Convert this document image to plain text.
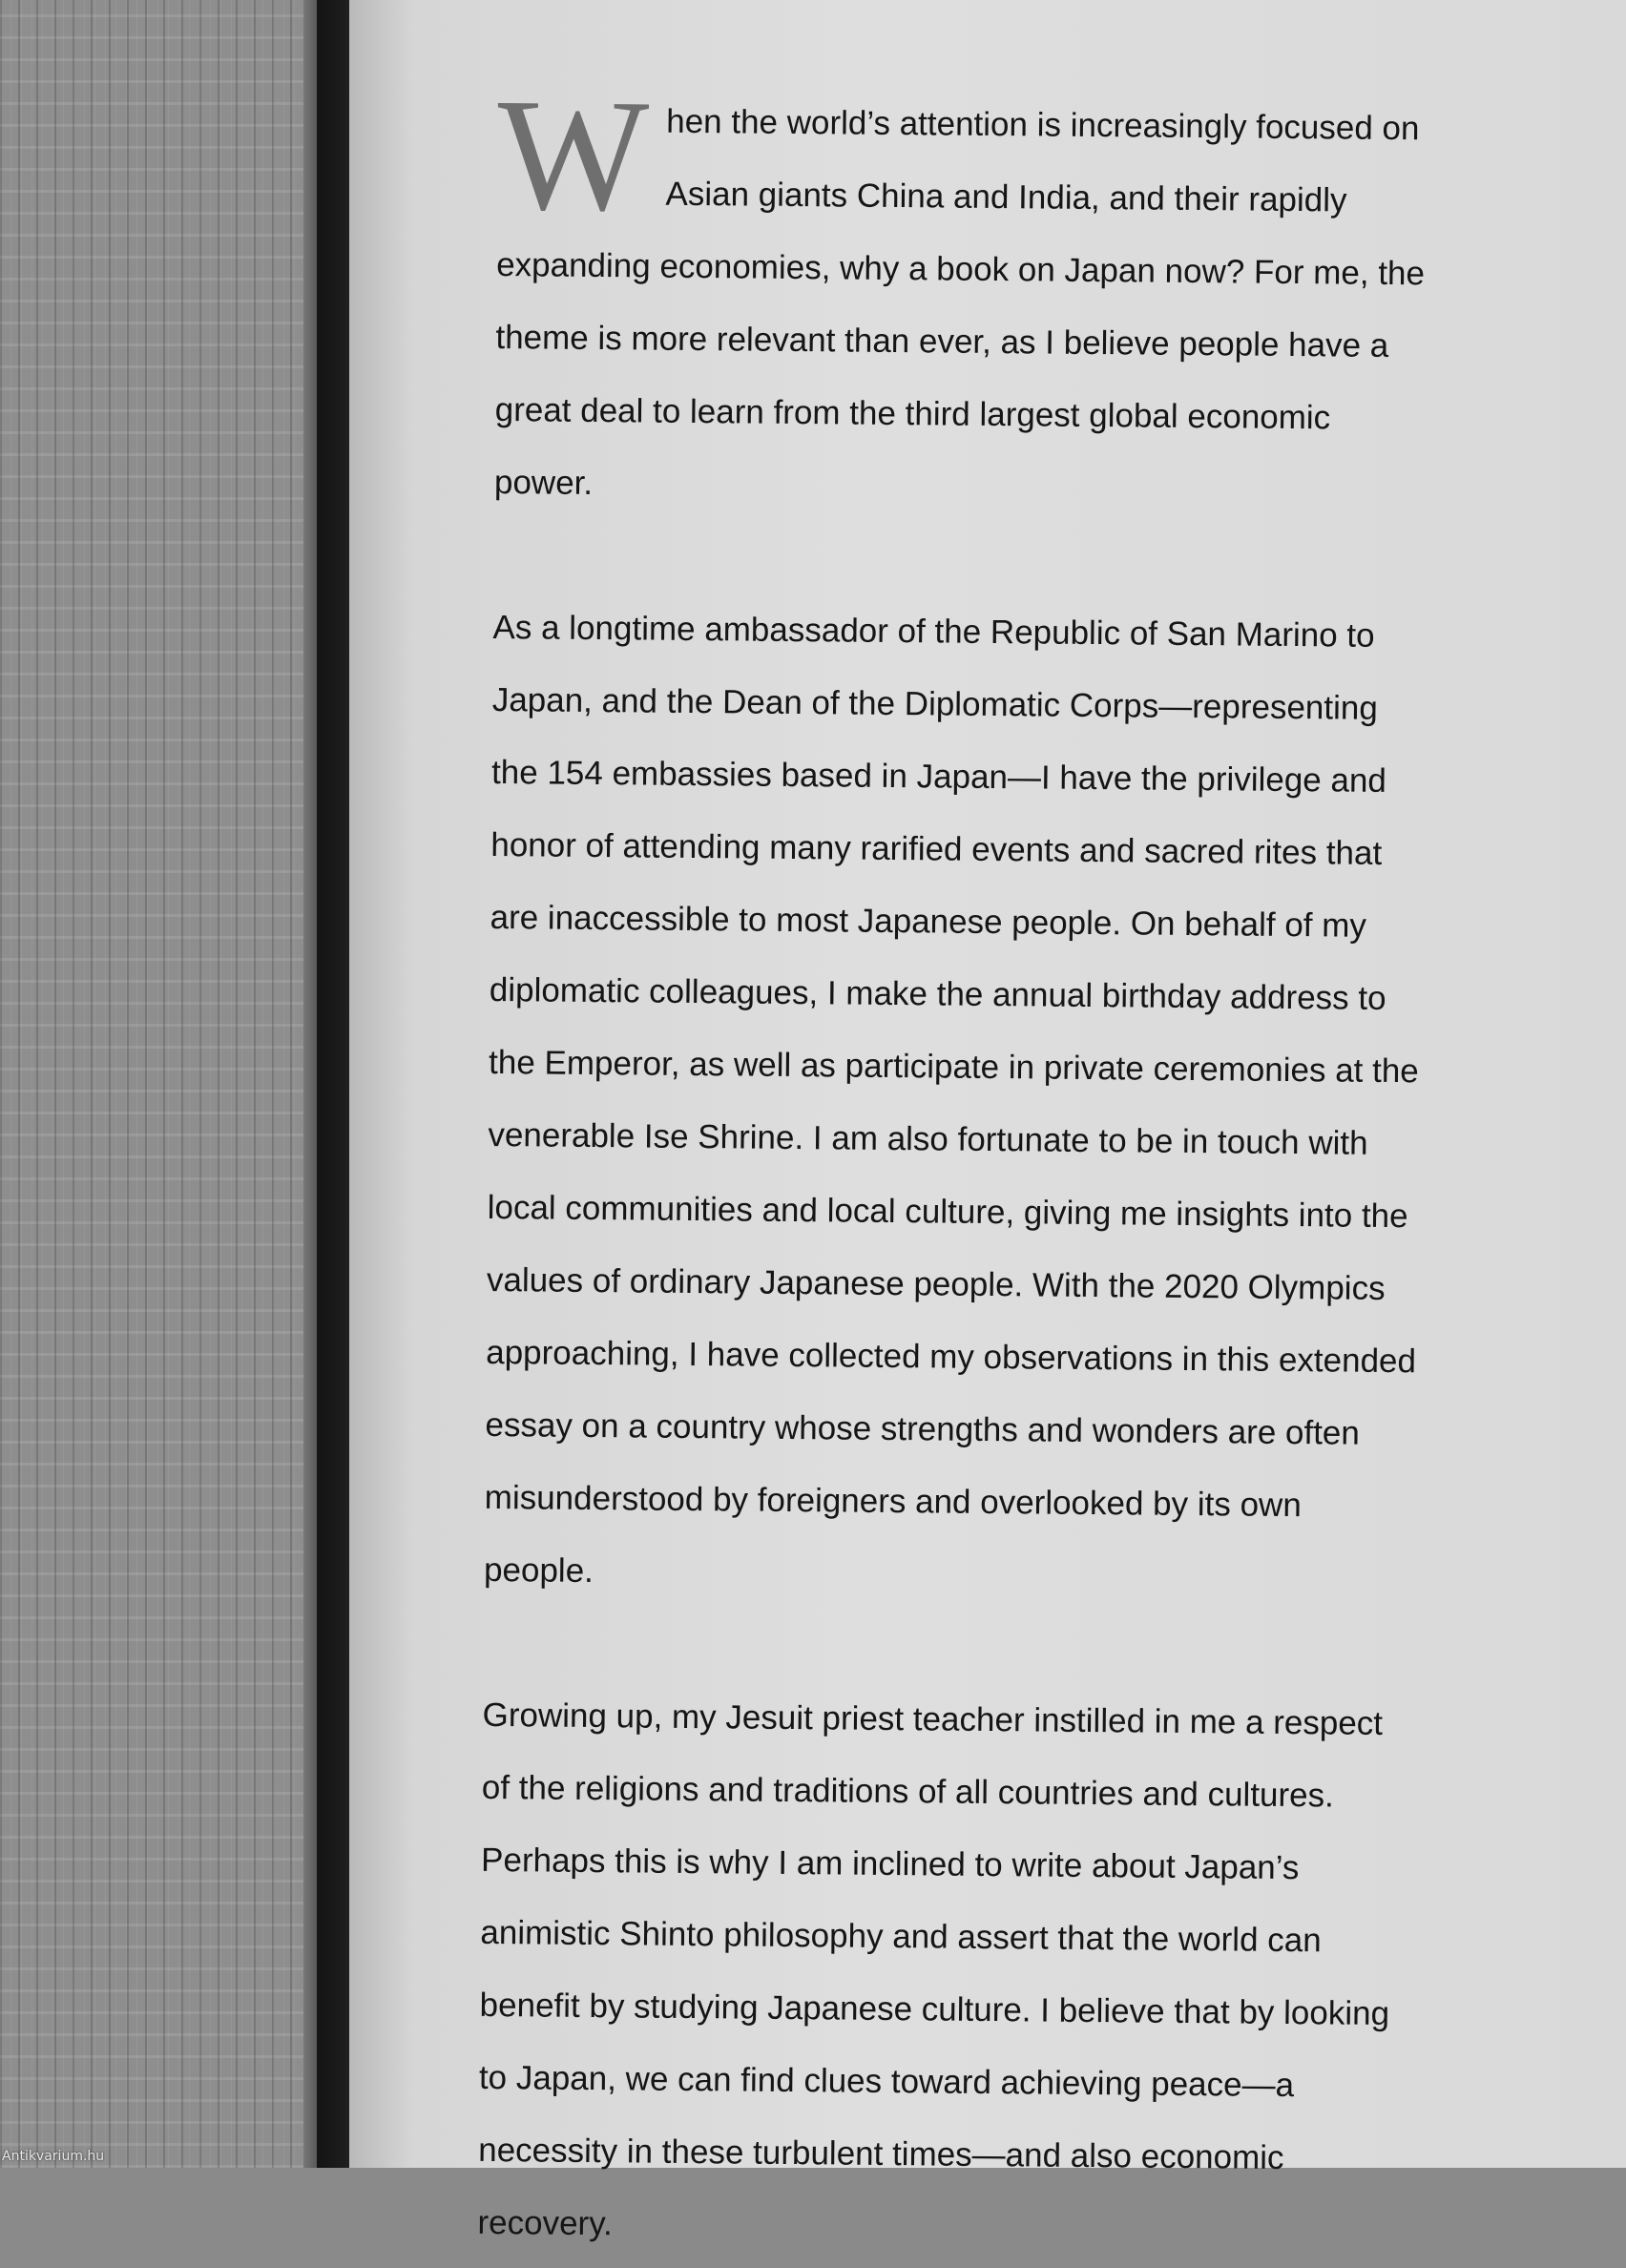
When the world’s attention is increasingly focused on Asian giants China and India, and their rapidly expanding economies, why a book on Japan now? For me, the theme is more relevant than ever, as I believe people have a great deal to learn from the third largest global economic power.

As a longtime ambassador of the Republic of San Marino to Japan, and the Dean of the Diplomatic Corps—representing the 154 embassies based in Japan—I have the privilege and honor of attending many rarified events and sacred rites that are inaccessible to most Japanese people. On behalf of my diplomatic colleagues, I make the annual birthday address to the Emperor, as well as participate in private ceremonies at the venerable Ise Shrine. I am also fortunate to be in touch with local communities and local culture, giving me insights into the values of ordinary Japanese people. With the 2020 Olympics approaching, I have collected my observations in this extended essay on a country whose strengths and wonders are often misunderstood by foreigners and overlooked by its own people.

Growing up, my Jesuit priest teacher instilled in me a respect of the religions and traditions of all countries and cultures. Perhaps this is why I am inclined to write about Japan’s animistic Shinto philosophy and assert that the world can benefit by studying Japanese culture. I believe that by looking to Japan, we can find clues toward achieving peace—a necessity in these turbulent times—and also economic recovery.

Antikvarium.hu
